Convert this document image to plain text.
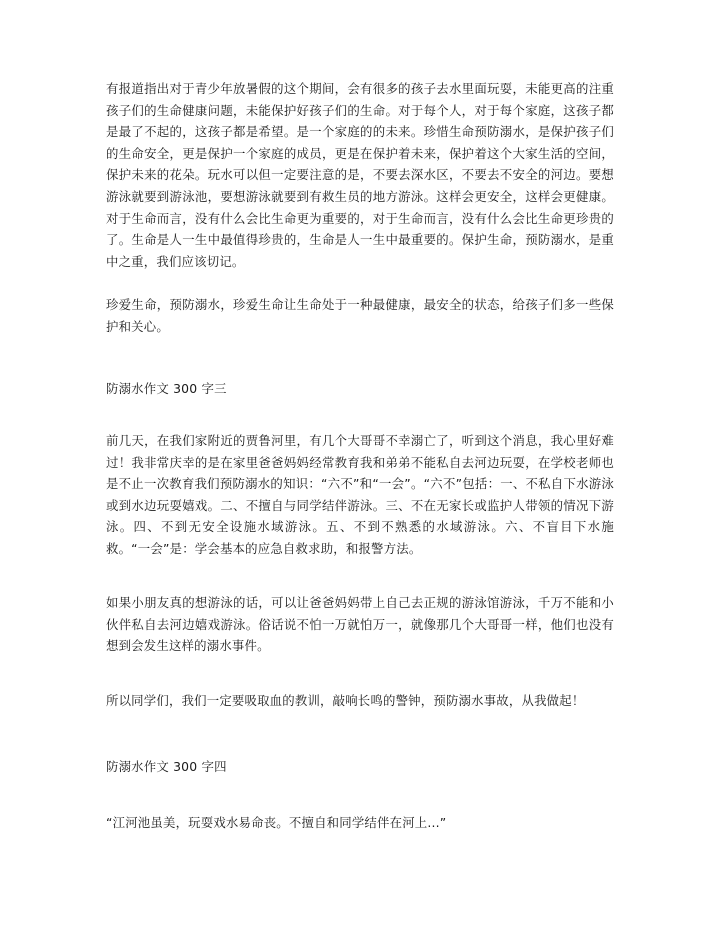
有报道指出对于青少年放暑假的这个期间，会有很多的孩子去水里面玩耍，未能更高的注重孩子们的生命健康问题，未能保护好孩子们的生命。对于每个人，对于每个家庭，这孩子都是最了不起的，这孩子都是希望。是一个家庭的的未来。珍惜生命预防溺水，是保护孩子们的生命安全，更是保护一个家庭的成员，更是在保护着未来，保护着这个大家生活的空间，保护未来的花朵。玩水可以但一定要注意的是，不要去深水区，不要去不安全的河边。要想游泳就要到游泳池，要想游泳就要到有救生员的地方游泳。这样会更安全，这样会更健康。对于生命而言，没有什么会比生命更为重要的，对于生命而言，没有什么会比生命更珍贵的了。生命是人一生中最值得珍贵的，生命是人一生中最重要的。保护生命，预防溺水，是重中之重，我们应该切记。

珍爱生命，预防溺水，珍爱生命让生命处于一种最健康，最安全的状态，给孩子们多一些保护和关心。

防溺水作文 300 字三

前几天，在我们家附近的贾鲁河里，有几个大哥哥不幸溺亡了，听到这个消息，我心里好难过！我非常庆幸的是在家里爸爸妈妈经常教育我和弟弟不能私自去河边玩耍，在学校老师也是不止一次教育我们预防溺水的知识：“六不”和“一会”。“六不”包括：一、不私自下水游泳或到水边玩耍嬉戏。二、不擅自与同学结伴游泳。三、不在无家长或监护人带领的情况下游泳。四、不到无安全设施水域游泳。五、不到不熟悉的水域游泳。六、不盲目下水施救。“一会”是：学会基本的应急自救求助，和报警方法。

如果小朋友真的想游泳的话，可以让爸爸妈妈带上自己去正规的游泳馆游泳，千万不能和小伙伴私自去河边嬉戏游泳。俗话说不怕一万就怕万一，就像那几个大哥哥一样，他们也没有想到会发生这样的溺水事件。

所以同学们，我们一定要吸取血的教训，敲响长鸣的警钟，预防溺水事故，从我做起！

防溺水作文 300 字四

“江河池虽美，玩耍戏水易命丧。不擅自和同学结伴在河上...”
